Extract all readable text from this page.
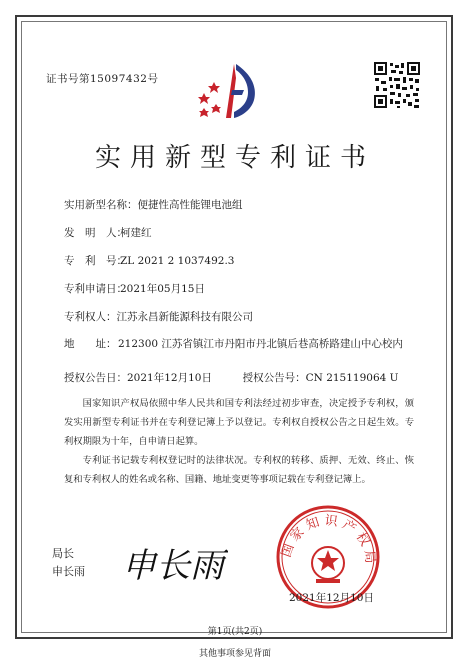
证书号第15097432号
实用新型专利证书
实用新型名称：便捷性高性能锂电池组
发　明　人：柯建红
专　利　号：ZL 2021 2 1037492.3
专利申请日：2021年05月15日
专利权人：江苏永昌新能源科技有限公司
地　　址： 212300 江苏省镇江市丹阳市丹北镇后巷高桥路建山中心校内
授权公告日：2021年12月10日	授权公告号：CN 215119064 U

国家知识产权局依照中华人民共和国专利法经过初步审查，决定授予专利权，颁发实用新型专利证书并在专利登记簿上予以登记。专利权自授权公告之日起生效。专利权期限为十年，自申请日起算。

专利证书记载专利权登记时的法律状况。专利权的转移、质押、无效、终止、恢复和专利权人的姓名或名称、国籍、地址变更等事项记载在专利登记簿上。

局长
申长雨 申长雨	国家知识产权局
2021年12月10日
第1页(共2页)
其他事项参见背面
